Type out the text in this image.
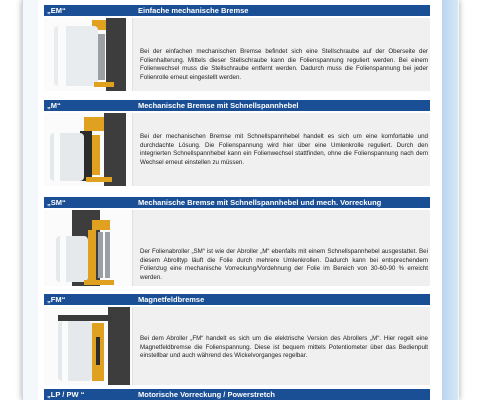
„EM“	Einfache mechanische Bremse
Bei der einfachen mechanischen Bremse befindet sich eine Stellschraube auf der Oberseite der Folienhalterung. Mittels dieser Stellschraube kann die Folienspannung reguliert werden. Bei einem Folienwechsel muss die Stellschraube entfernt werden. Dadurch muss die Folienspannung bei jeder Folienrolle erneut eingestellt werden.
„M“	Mechanische Bremse mit Schnellspannhebel
Bei der mechanischen Bremse mit Schnellspannhebel handelt es sich um eine komfortable und durchdachte Lösung. Die Folienspannung wird hier über eine Umlenkrolle reguliert. Durch den integrierten Schnellspannhebel kann ein Folienwechsel stattfinden, ohne die Folienspannung nach dem Wechsel erneut einstellen zu müssen.
„SM“	Mechanische Bremse mit Schnellspannhebel und mech. Vorreckung
Der Folienabroller „SM“ ist wie der Abroller „M“ ebenfalls mit einem Schnellspannhebel ausgestattet. Bei diesem Abrolltyp läuft die Folie durch mehrere Umlenkrollen. Dadurch kann bei entsprechendem Folienzug eine mechanische Vorreckung/Vordehnung der Folie im Bereich von 30-60-90 % erreicht werden.
„FM“	Magnetfeldbremse
Bei dem Abroller „FM“ handelt es sich um die elektrische Version des Abrollers „M“. Hier regelt eine Magnetfeldbremse die Folienspannung. Diese ist bequem mittels Potentiometer über das Bedienpult einstellbar und auch während des Wickelvorganges regelbar.
„LP / PW “	Motorische Vorreckung / Powerstretch
